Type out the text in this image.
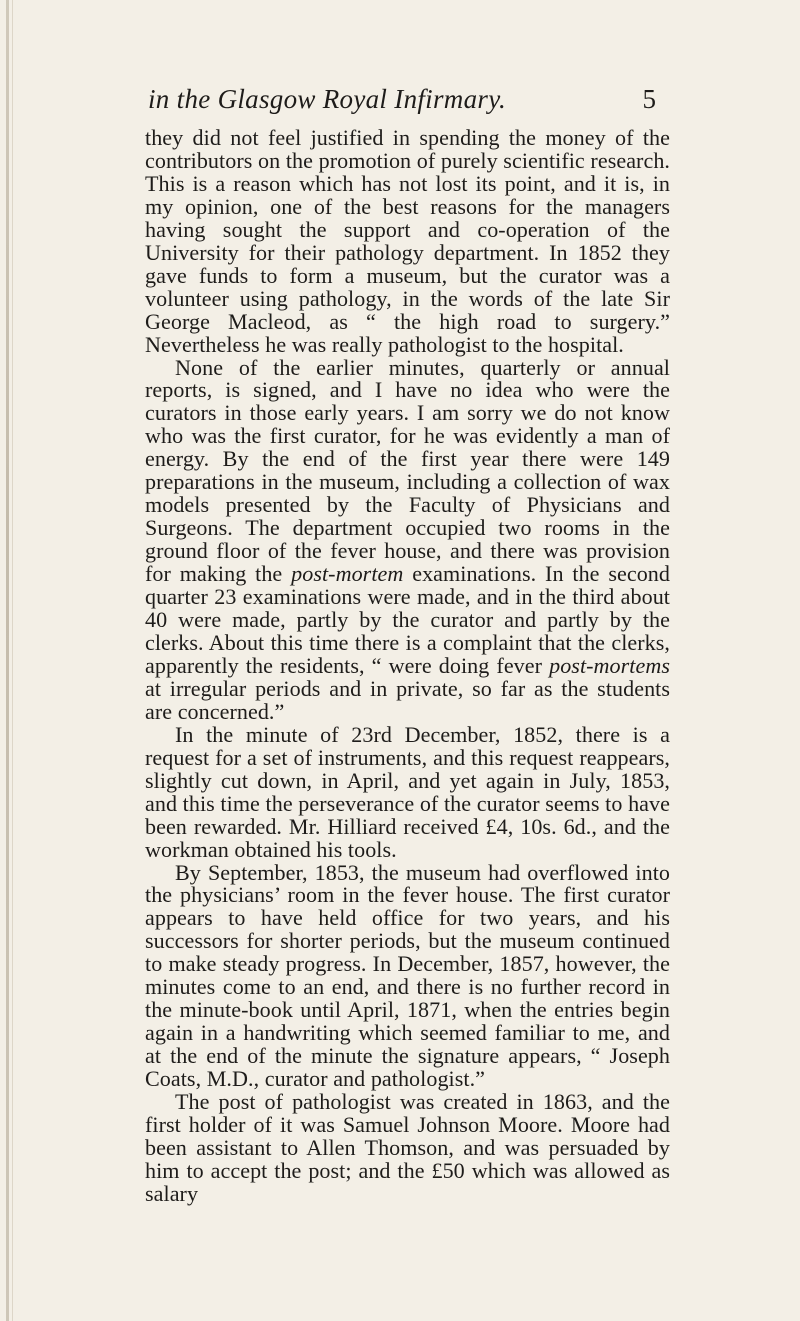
in the Glasgow Royal Infirmary.	5

they did not feel justified in spending the money of the contributors on the promotion of purely scientific research. This is a reason which has not lost its point, and it is, in my opinion, one of the best reasons for the managers having sought the support and co-operation of the University for their pathology department. In 1852 they gave funds to form a museum, but the curator was a volunteer using pathology, in the words of the late Sir George Macleod, as “ the high road to surgery.” Nevertheless he was really pathologist to the hospital.

None of the earlier minutes, quarterly or annual reports, is signed, and I have no idea who were the curators in those early years. I am sorry we do not know who was the first curator, for he was evidently a man of energy. By the end of the first year there were 149 preparations in the museum, including a collection of wax models presented by the Faculty of Physicians and Surgeons. The department occupied two rooms in the ground floor of the fever house, and there was provision for making the post-mortem examinations. In the second quarter 23 examinations were made, and in the third about 40 were made, partly by the curator and partly by the clerks. About this time there is a complaint that the clerks, apparently the residents, “ were doing fever post-mortems at irregular periods and in private, so far as the students are concerned.”

In the minute of 23rd December, 1852, there is a request for a set of instruments, and this request reappears, slightly cut down, in April, and yet again in July, 1853, and this time the perseverance of the curator seems to have been rewarded. Mr. Hilliard received £4, 10s. 6d., and the workman obtained his tools.

By September, 1853, the museum had overflowed into the physicians’ room in the fever house. The first curator appears to have held office for two years, and his successors for shorter periods, but the museum continued to make steady progress. In December, 1857, however, the minutes come to an end, and there is no further record in the minute-book until April, 1871, when the entries begin again in a handwriting which seemed familiar to me, and at the end of the minute the signature appears, “ Joseph Coats, M.D., curator and pathologist.”

The post of pathologist was created in 1863, and the first holder of it was Samuel Johnson Moore. Moore had been assistant to Allen Thomson, and was persuaded by him to accept the post; and the £50 which was allowed as salary
